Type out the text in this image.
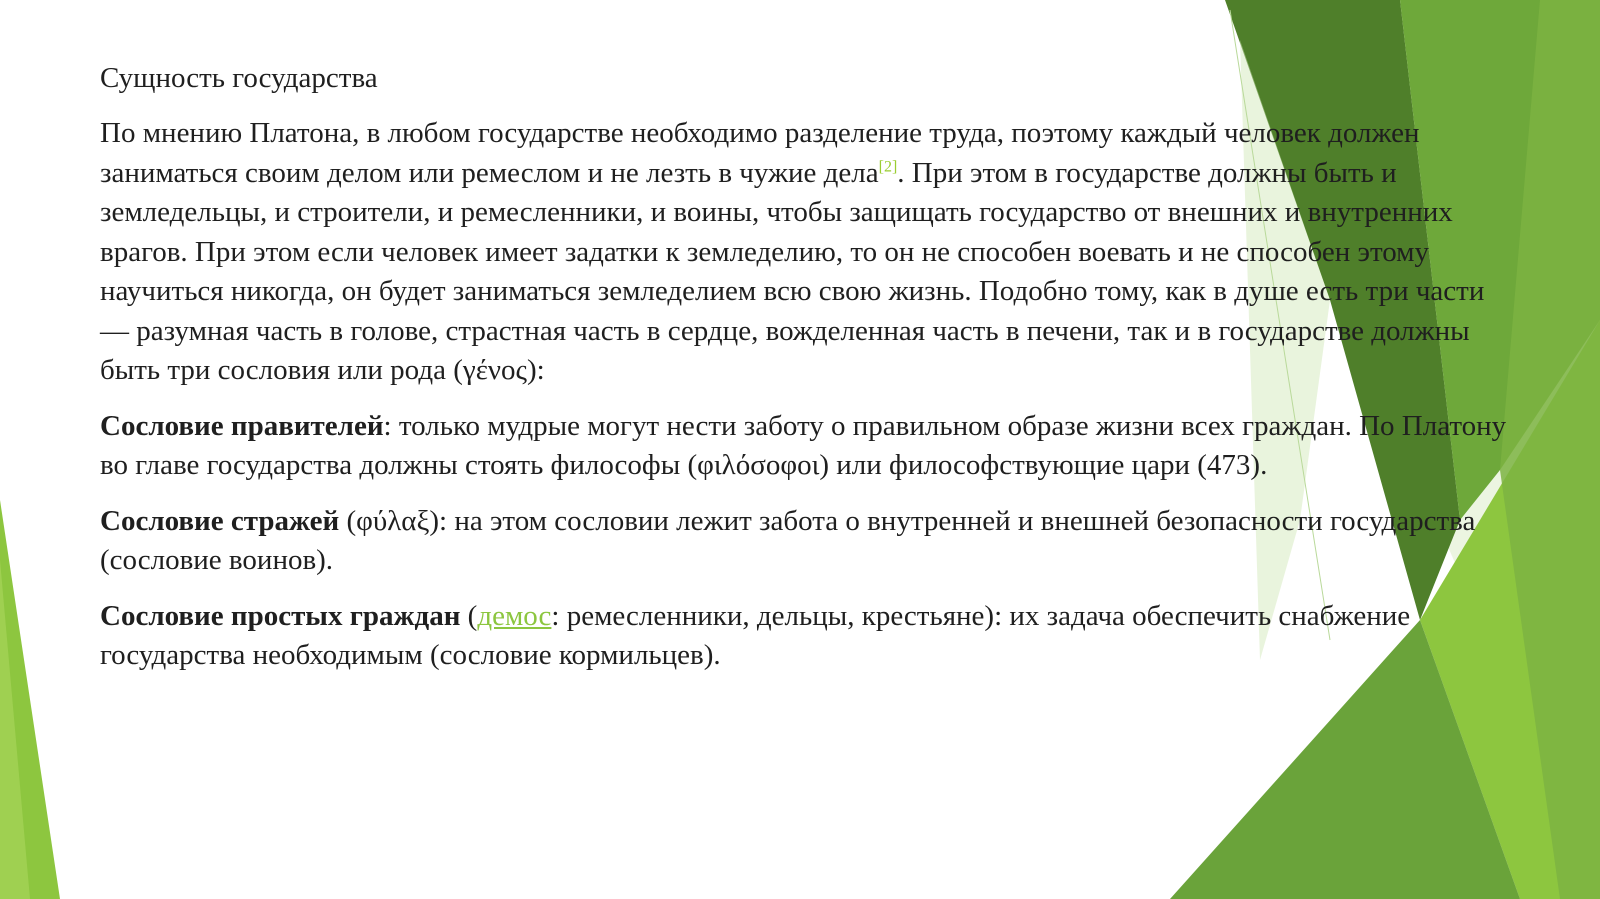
Сущность государства

По мнению Платона, в любом государстве необходимо разделение труда, поэтому каждый человек должен заниматься своим делом или ремеслом и не лезть в чужие дела[2]. При этом в государстве должны быть и земледельцы, и строители, и ремесленники, и воины, чтобы защищать государство от внешних и внутренних врагов. При этом если человек имеет задатки к земледелию, то он не способен воевать и не способен этому научиться никогда, он будет заниматься земледелием всю свою жизнь. Подобно тому, как в душе есть три части — разумная часть в голове, страстная часть в сердце, вожделенная часть в печени, так и в государстве должны быть три сословия или рода (γένος):

Сословие правителей: только мудрые могут нести заботу о правильном образе жизни всех граждан. По Платону во главе государства должны стоять философы (φιλόσοφοι) или философствующие цари (473).

Сословие стражей (φύλαξ): на этом сословии лежит забота о внутренней и внешней безопасности государства (сословие воинов).

Сословие простых граждан (демос: ремесленники, дельцы, крестьяне): их задача обеспечить снабжение государства необходимым (сословие кормильцев).
